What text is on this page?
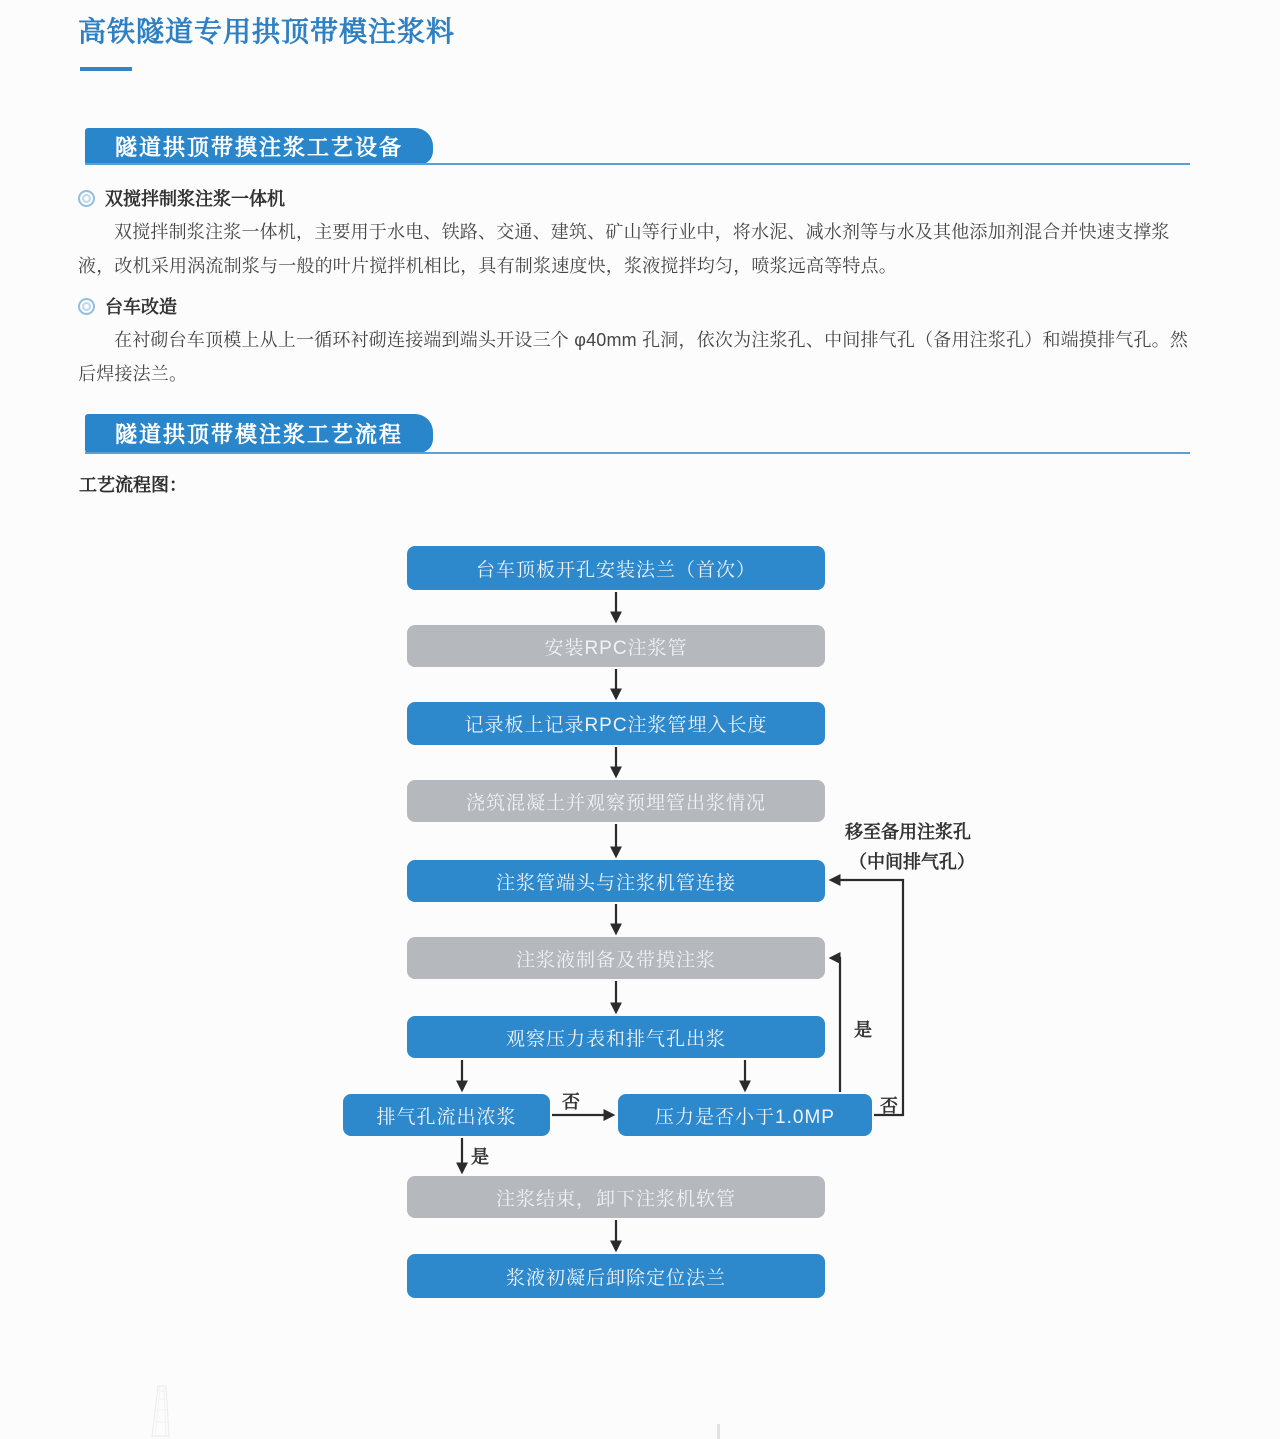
高铁隧道专用拱顶带模注浆料
隧道拱顶带摸注浆工艺设备
双搅拌制浆注浆一体机

双搅拌制浆注浆一体机，主要用于水电、铁路、交通、建筑、矿山等行业中，将水泥、减水剂等与水及其他添加剂混合并快速支撑浆液，改机采用涡流制浆与一般的叶片搅拌机相比，具有制浆速度快，浆液搅拌均匀，喷浆远高等特点。

台车改造

在衬砌台车顶模上从上一循环衬砌连接端到端头开设三个 φ40mm 孔洞，依次为注浆孔、中间排气孔（备用注浆孔）和端摸排气孔。然后焊接法兰。

隧道拱顶带模注浆工艺流程
工艺流程图：
台车顶板开孔安装法兰（首次）
安装RPC注浆管
记录板上记录RPC注浆管埋入长度
浇筑混凝土并观察预埋管出浆情况
注浆管端头与注浆机管连接
注浆液制备及带摸注浆
观察压力表和排气孔出浆
排气孔流出浓浆	压力是否小于1.0MP
注浆结束，卸下注浆机软管
浆液初凝后卸除定位法兰
移至备用注浆孔
（中间排气孔）
是
否
否
是
